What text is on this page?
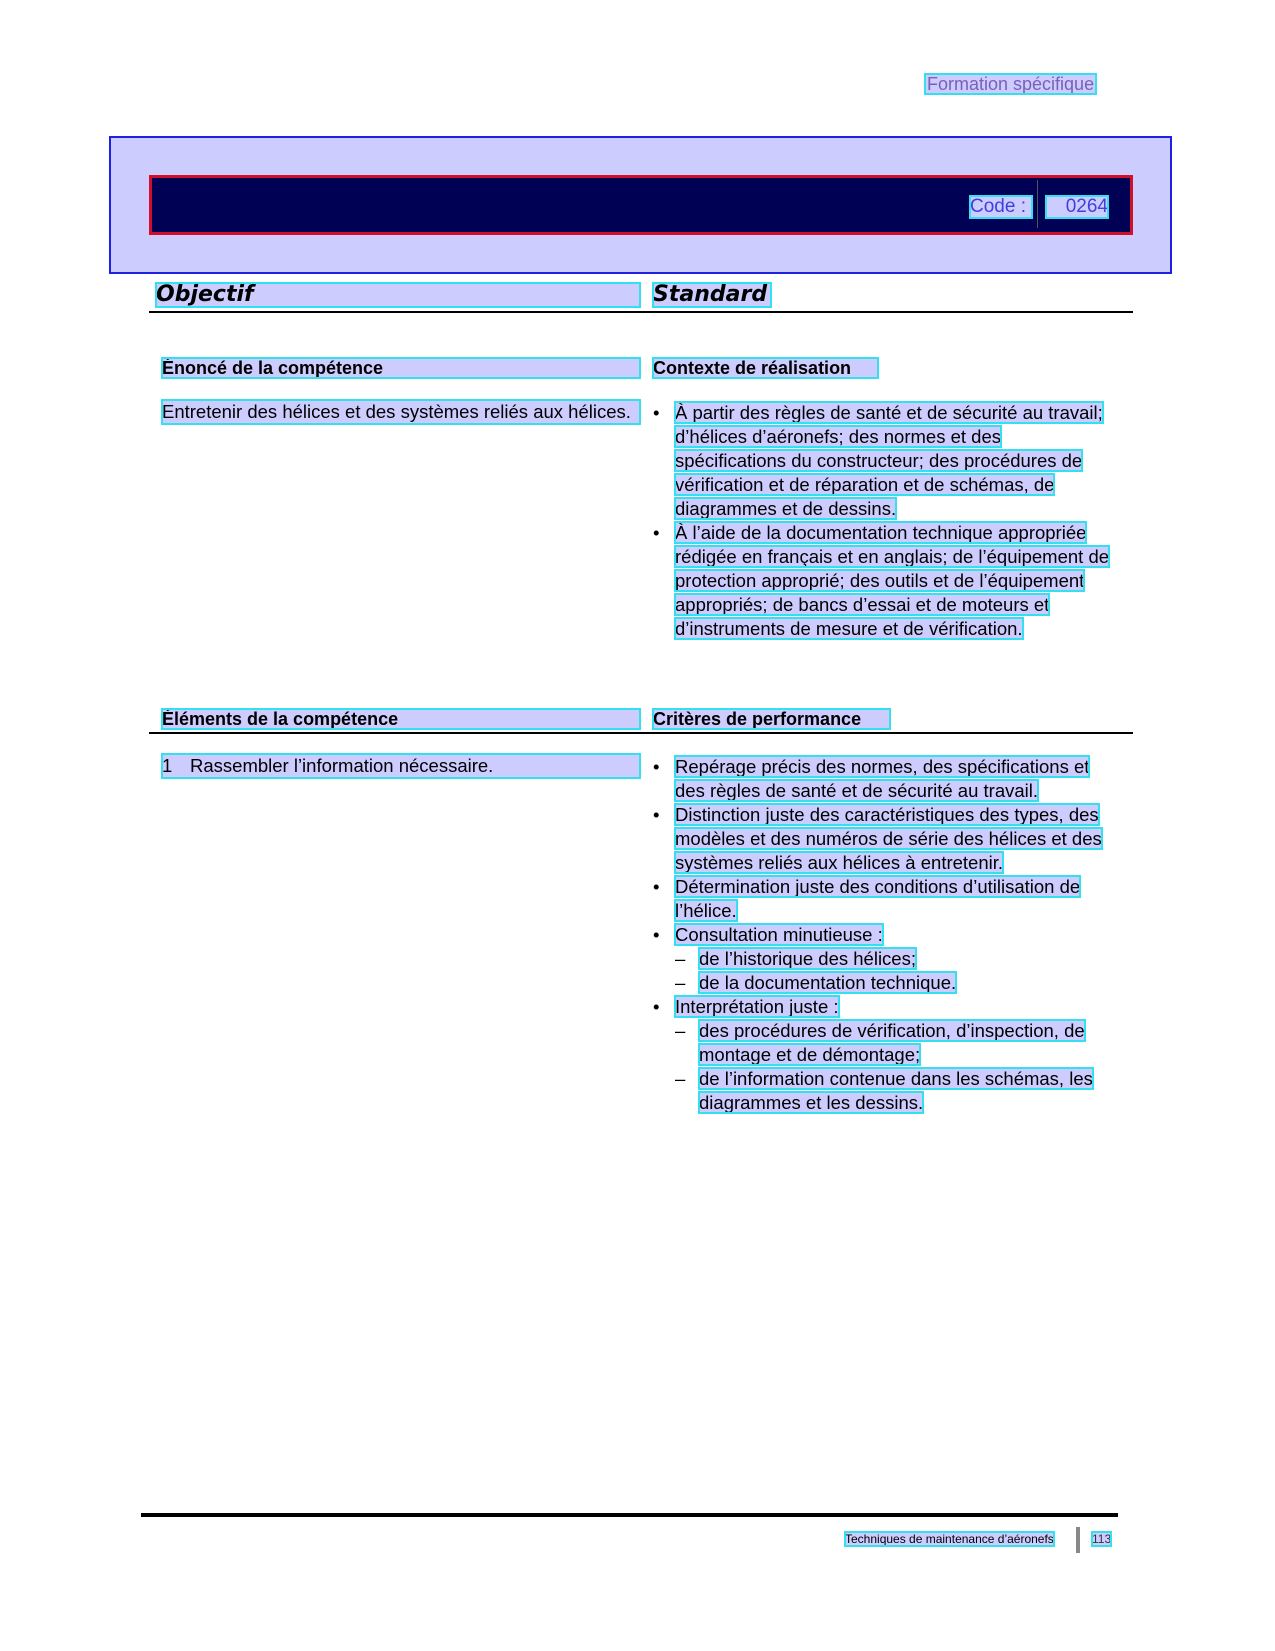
Formation spécifique
Code :	0264
Objectif	Standard
Énoncé de la compétence	Contexte de réalisation
Entretenir des hélices et des systèmes reliés aux hélices.	• À partir des règles de santé et de sécurité au travail; d’hélices d’aéronefs; des normes et des spécifications du constructeur; des procédures de vérification et de réparation et de schémas, de diagrammes et de dessins.
• À l’aide de la documentation technique appropriée rédigée en français et en anglais; de l’équipement de protection approprié; des outils et de l’équipement appropriés; de bancs d’essai et de moteurs et d’instruments de mesure et de vérification.
Éléments de la compétence	Critères de performance
1 Rassembler l’information nécessaire.	• Repérage précis des normes, des spécifications et des règles de santé et de sécurité au travail.
• Distinction juste des caractéristiques des types, des modèles et des numéros de série des hélices et des systèmes reliés aux hélices à entretenir.
• Détermination juste des conditions d’utilisation de l’hélice.
• Consultation minutieuse :
– de l’historique des hélices;
– de la documentation technique.
• Interprétation juste :
– des procédures de vérification, d’inspection, de montage et de démontage;
– de l’information contenue dans les schémas, les diagrammes et les dessins.
Techniques de maintenance d’aéronefs	113
